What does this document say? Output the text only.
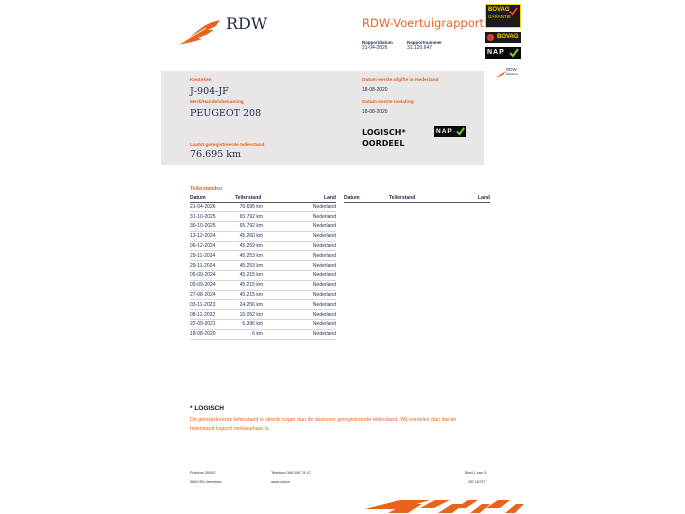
RDW	RDW-Voertuigrapport
Rapportdatum
21-04-2026
Rapportnummer
31.120.647
BOVAG
GARANTIE
BOVAG
NAP
RDW
Rijksdienst
Kenteken
J-904-JF
Merk/Handelsbenaming
PEUGEOT 208
Laatst geregistreerde tellerstand
76.695 km
Datum eerste afgifte in Nederland
18-08-2020
Datum eerste toelating
18-08-2020
LOGISCH*
OORDEEL
NAP
Tellerstanden
Datum	Tellerstand	Land
21-04-2026	76.695 km	Nederland
31-10-2025	65.792 km	Nederland
30-10-2025	65.792 km	Nederland
13-12-2024	45.260 km	Nederland
06-12-2024	45.259 km	Nederland
29-11-2024	45.253 km	Nederland
29-11-2024	45.253 km	Nederland
05-09-2024	45.215 km	Nederland
05-09-2024	45.215 km	Nederland
27-08-2024	45.215 km	Nederland
03-11-2023	24.256 km	Nederland
08-11-2022	16.052 km	Nederland
22-09-2021	6.396 km	Nederland
18-08-2020	6 km	Nederland
Datum	Tellerstand	Land
* LOGISCH
De geregistreerde tellerstand is steeds hoger dan de daarvoor geregistreerde tellerstand. Wij oordelen dan dat de tellerstand logisch verklaarbaar is.
Postbus 30000
9640 RA Veendam
Telefoon 088 008 74 47
www.rdw.nl
Blad 1 van 3
3/E 16737
